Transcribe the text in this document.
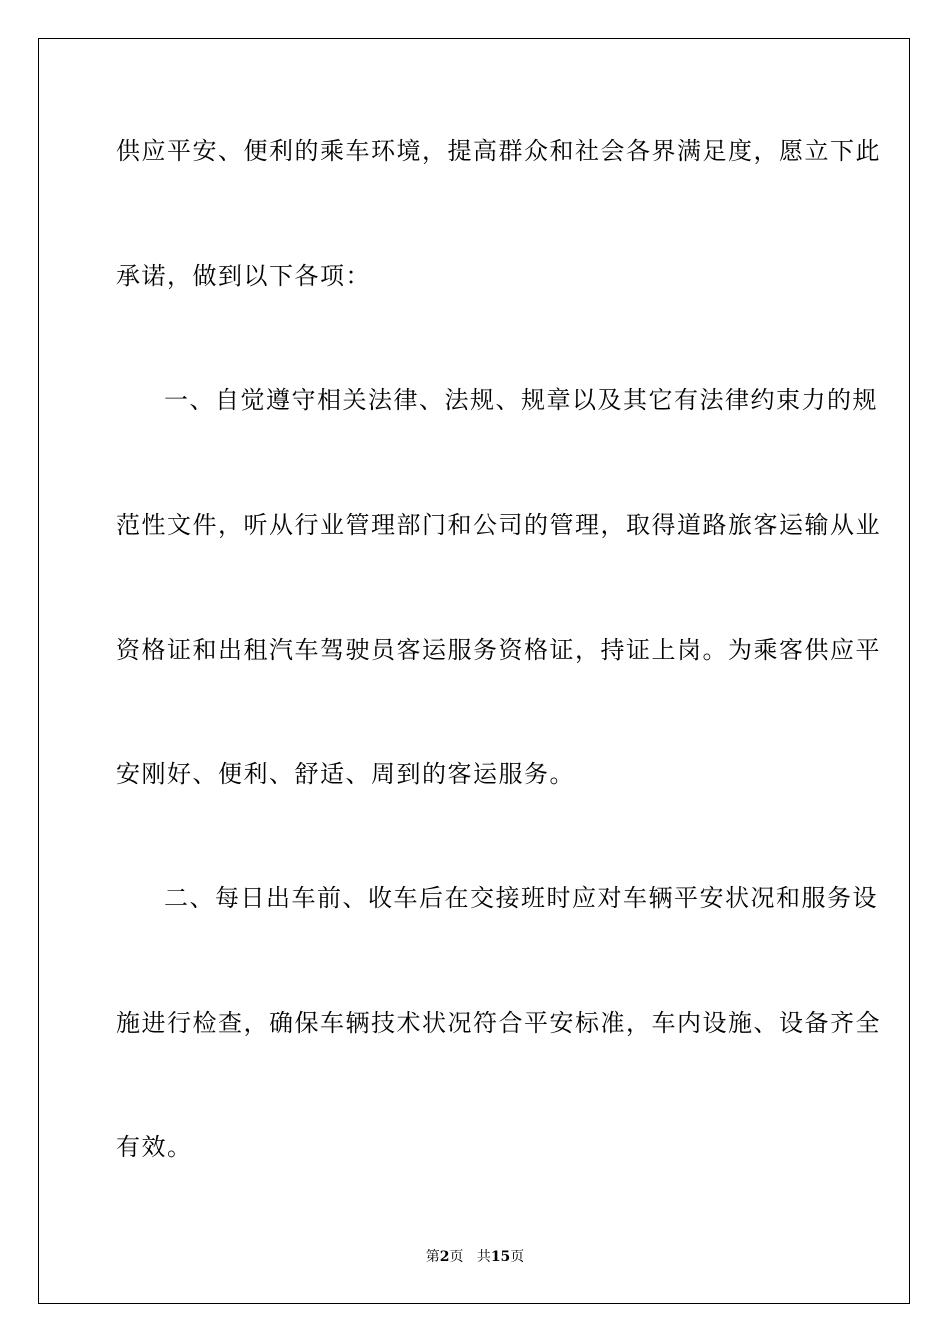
供应平安、便利的乘车环境，提高群众和社会各界满足度，愿立下此
承诺，做到以下各项：
一、自觉遵守相关法律、法规、规章以及其它有法律约束力的规
范性文件，听从行业管理部门和公司的管理，取得道路旅客运输从业
资格证和出租汽车驾驶员客运服务资格证，持证上岗。为乘客供应平
安刚好、便利、舒适、周到的客运服务。
二、每日出车前、收车后在交接班时应对车辆平安状况和服务设
施进行检查，确保车辆技术状况符合平安标准，车内设施、设备齐全
有效。
第2页 共15页
